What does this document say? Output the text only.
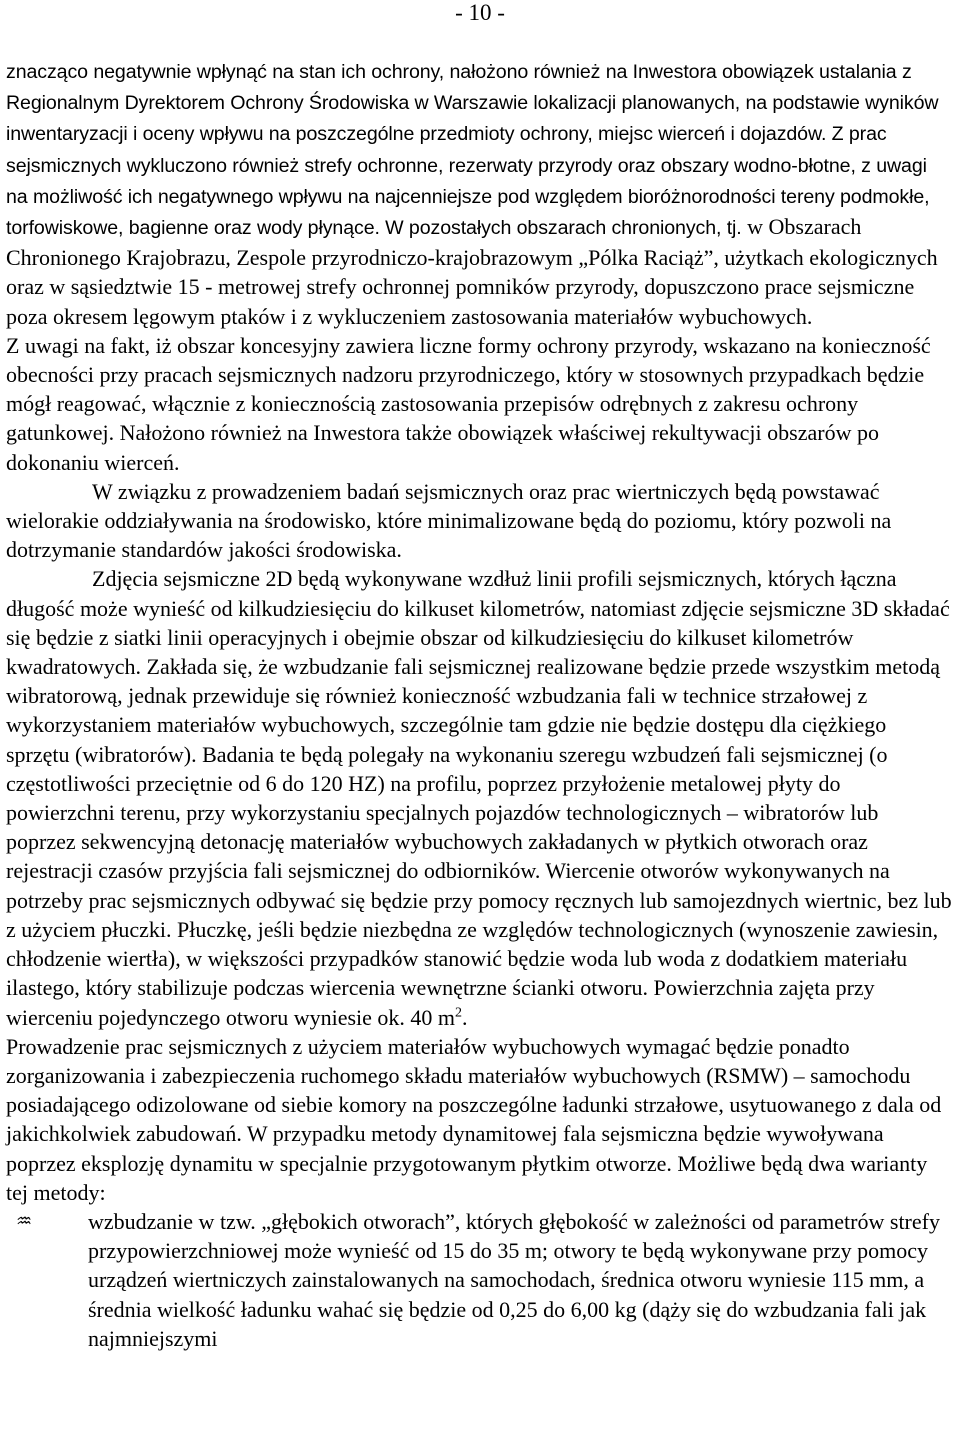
- 10 -

znacząco negatywnie wpłynąć na stan ich ochrony, nałożono również na Inwestora obowiązek ustalania z Regionalnym Dyrektorem Ochrony Środowiska w Warszawie lokalizacji planowanych, na podstawie wyników inwentaryzacji i oceny wpływu na poszczególne przedmioty ochrony, miejsc wierceń i dojazdów. Z prac sejsmicznych wykluczono również strefy ochronne, rezerwaty przyrody oraz obszary wodno-błotne, z uwagi na możliwość ich negatywnego wpływu na najcenniejsze pod względem bioróżnorodności tereny podmokłe, torfowiskowe, bagienne oraz wody płynące. W pozostałych obszarach chronionych, tj. w Obszarach Chronionego Krajobrazu, Zespole przyrodniczo-krajobrazowym „Pólka Raciąż”, użytkach ekologicznych oraz w sąsiedztwie 15 - metrowej strefy ochronnej pomników przyrody, dopuszczono prace sejsmiczne poza okresem lęgowym ptaków i z wykluczeniem zastosowania materiałów wybuchowych.

Z uwagi na fakt, iż obszar koncesyjny zawiera liczne formy ochrony przyrody, wskazano na konieczność obecności przy pracach sejsmicznych nadzoru przyrodniczego, który w stosownych przypadkach będzie mógł reagować, włącznie z koniecznością zastosowania przepisów odrębnych z zakresu ochrony gatunkowej. Nałożono również na Inwestora także obowiązek właściwej rekultywacji obszarów po dokonaniu wierceń.

W związku z prowadzeniem badań sejsmicznych oraz prac wiertniczych będą powstawać wielorakie oddziaływania na środowisko, które minimalizowane będą do poziomu, który pozwoli na dotrzymanie standardów jakości środowiska.

Zdjęcia sejsmiczne 2D będą wykonywane wzdłuż linii profili sejsmicznych, których łączna długość może wynieść od kilkudziesięciu do kilkuset kilometrów, natomiast zdjęcie sejsmiczne 3D składać się będzie z siatki linii operacyjnych i obejmie obszar od kilkudziesięciu do kilkuset kilometrów kwadratowych. Zakłada się, że wzbudzanie fali sejsmicznej realizowane będzie przede wszystkim metodą wibratorową, jednak przewiduje się również konieczność wzbudzania fali w technice strzałowej z wykorzystaniem materiałów wybuchowych, szczególnie tam gdzie nie będzie dostępu dla ciężkiego sprzętu (wibratorów). Badania te będą polegały na wykonaniu szeregu wzbudzeń fali sejsmicznej (o częstotliwości przeciętnie od 6 do 120 HZ) na profilu, poprzez przyłożenie metalowej płyty do powierzchni terenu, przy wykorzystaniu specjalnych pojazdów technologicznych – wibratorów lub poprzez sekwencyjną detonację materiałów wybuchowych zakładanych w płytkich otworach oraz rejestracji czasów przyjścia fali sejsmicznej do odbiorników. Wiercenie otworów wykonywanych na potrzeby prac sejsmicznych odbywać się będzie przy pomocy ręcznych lub samojezdnych wiertnic, bez lub z użyciem płuczki. Płuczkę, jeśli będzie niezbędna ze względów technologicznych (wynoszenie zawiesin, chłodzenie wiertła), w większości przypadków stanowić będzie woda lub woda z dodatkiem materiału ilastego, który stabilizuje podczas wiercenia wewnętrzne ścianki otworu. Powierzchnia zajęta przy wierceniu pojedynczego otworu wyniesie ok. 40 $m^2$.

Prowadzenie prac sejsmicznych z użyciem materiałów wybuchowych wymagać będzie ponadto zorganizowania i zabezpieczenia ruchomego składu materiałów wybuchowych (RSMW) – samochodu posiadającego odizolowane od siebie komory na poszczególne ładunki strzałowe, usytuowanego z dala od jakichkolwiek zabudowań. W przypadku metody dynamitowej fala sejsmiczna będzie wywoływana poprzez eksplozję dynamitu w specjalnie przygotowanym płytkim otworze. Możliwe będą dwa warianty tej metody:

♒	wzbudzanie w tzw. „głębokich otworach”, których głębokość w zależności od parametrów strefy przypowierzchniowej może wynieść od 15 do 35 m; otwory te będą wykonywane przy pomocy urządzeń wiertniczych zainstalowanych na samochodach, średnica otworu wyniesie 115 mm, a średnia wielkość ładunku wahać się będzie od 0,25 do 6,00 kg (dąży się do wzbudzania fali jak najmniejszymi
